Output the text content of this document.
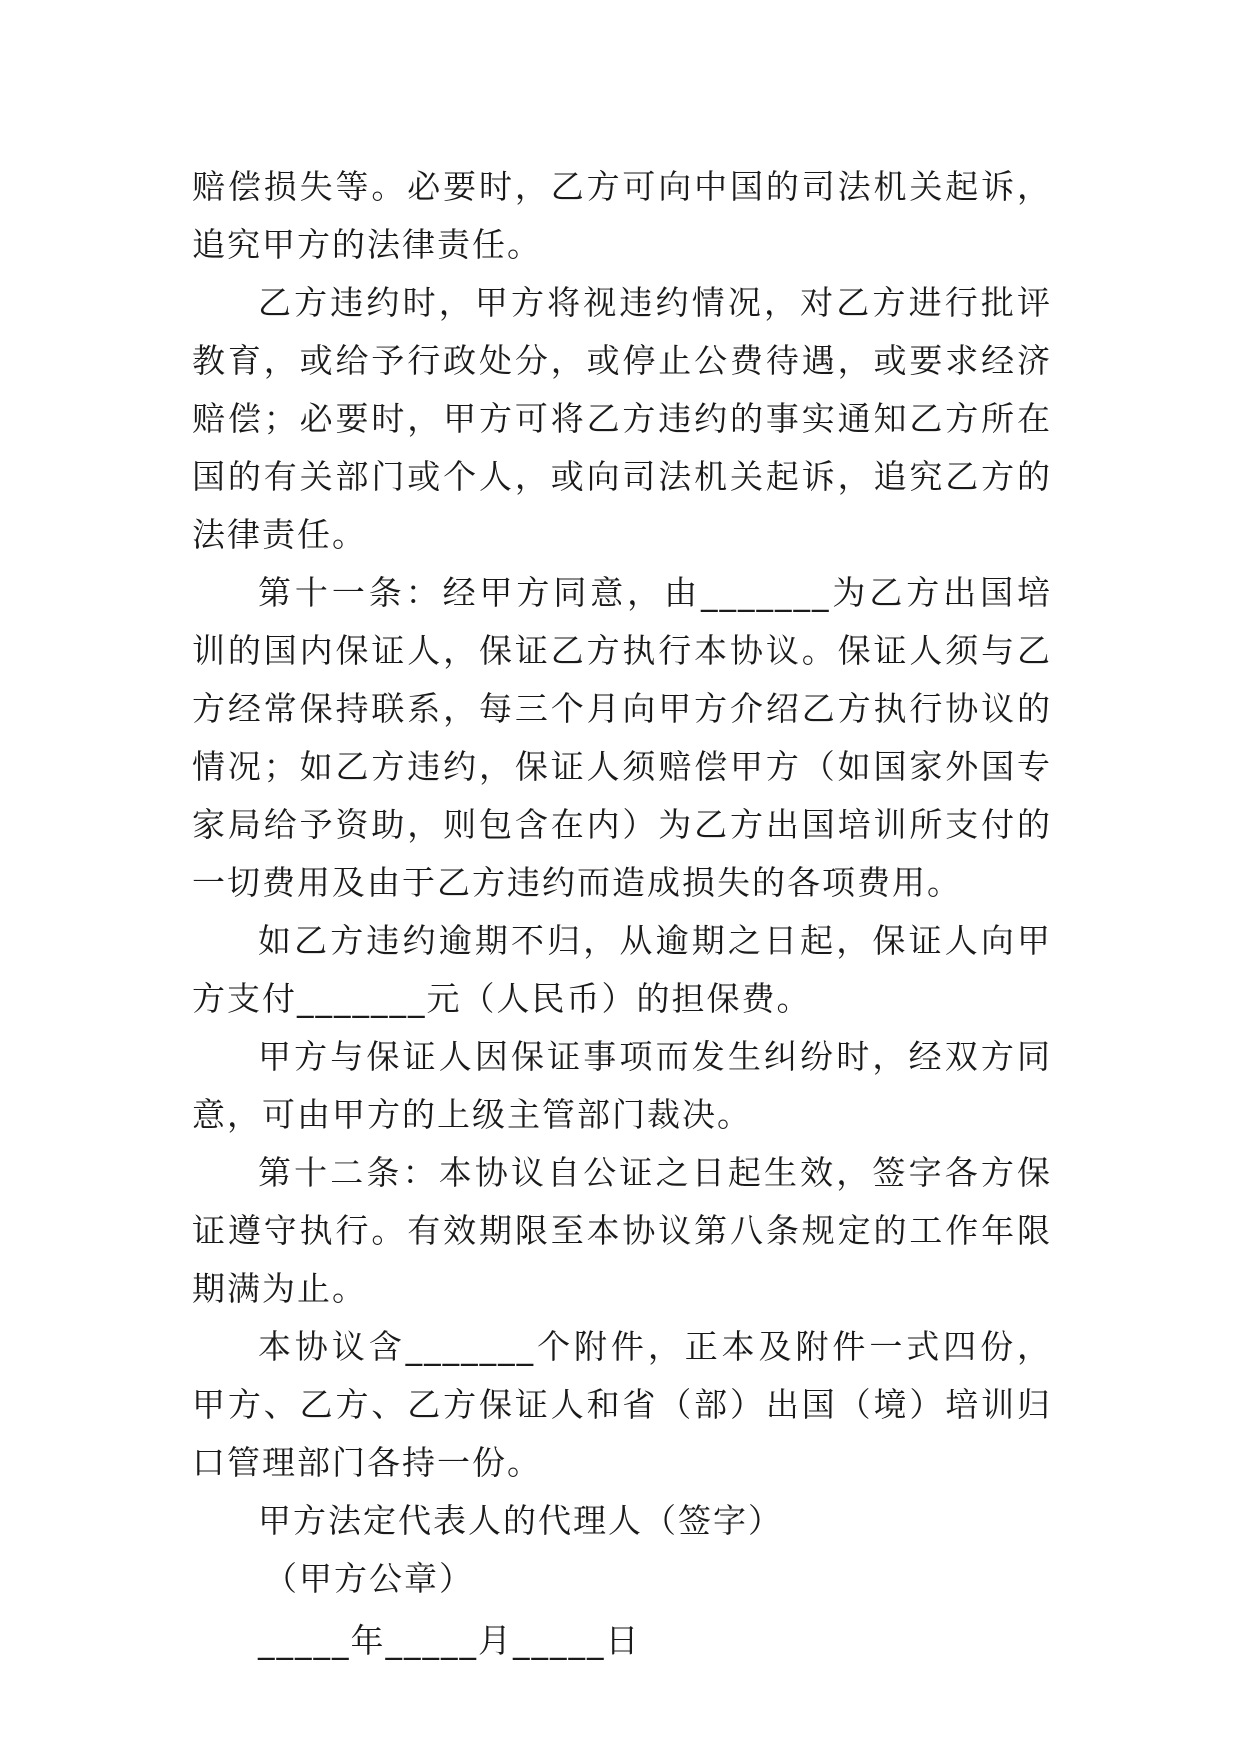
赔偿损失等。必要时，乙方可向中国的司法机关起诉，追究甲方的法律责任。

乙方违约时，甲方将视违约情况，对乙方进行批评教育，或给予行政处分，或停止公费待遇，或要求经济赔偿；必要时，甲方可将乙方违约的事实通知乙方所在国的有关部门或个人，或向司法机关起诉，追究乙方的法律责任。

第十一条：经甲方同意，由_______为乙方出国培训的国内保证人，保证乙方执行本协议。保证人须与乙方经常保持联系，每三个月向甲方介绍乙方执行协议的情况；如乙方违约，保证人须赔偿甲方（如国家外国专家局给予资助，则包含在内）为乙方出国培训所支付的一切费用及由于乙方违约而造成损失的各项费用。

如乙方违约逾期不归，从逾期之日起，保证人向甲方支付_______元（人民币）的担保费。

甲方与保证人因保证事项而发生纠纷时，经双方同意，可由甲方的上级主管部门裁决。

第十二条：本协议自公证之日起生效，签字各方保证遵守执行。有效期限至本协议第八条规定的工作年限期满为止。

本协议含_______个附件，正本及附件一式四份，甲方、乙方、乙方保证人和省（部）出国（境）培训归口管理部门各持一份。

甲方法定代表人的代理人（签字）

（甲方公章）

_____年_____月_____日
